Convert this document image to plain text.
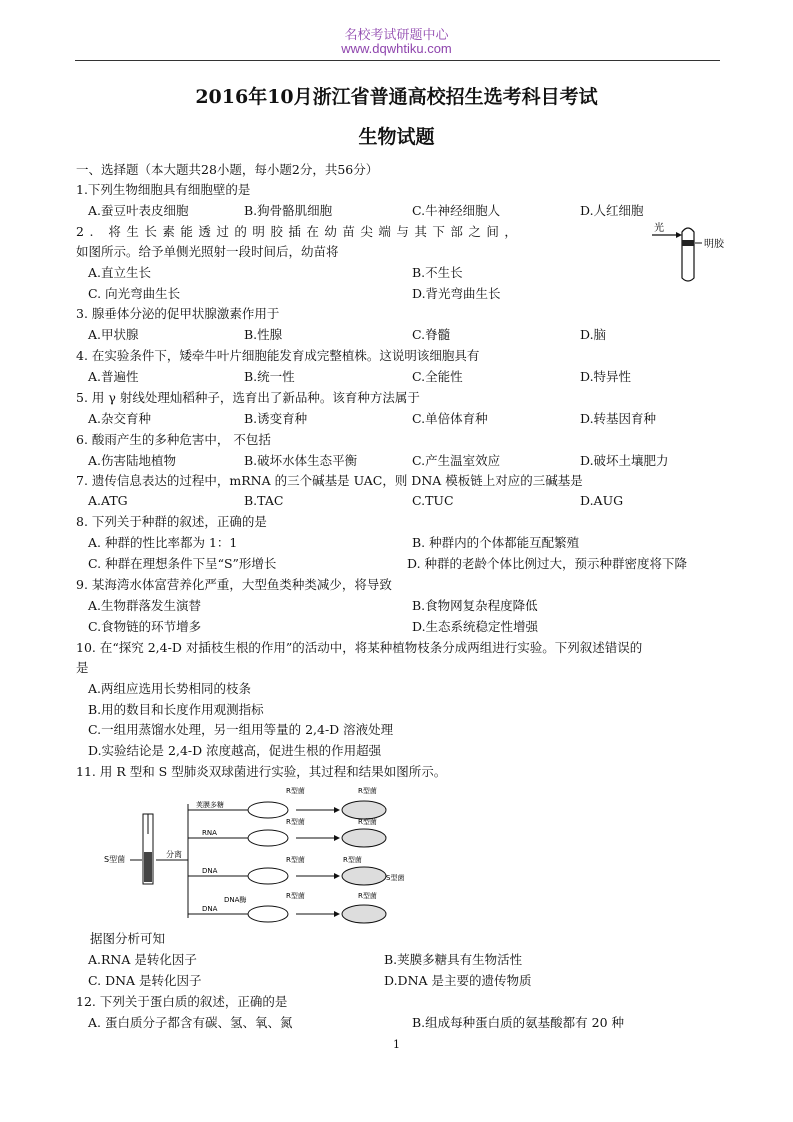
名校考试研题中心
www.dqwhtiku.com
2016年10月浙江省普通高校招生选考科目考试
生物试题
一、选择题（本大题共28小题，每小题2分，共56分）
1.下列生物细胞具有细胞壁的是
A.蚕豆叶表皮细胞	B.狗骨骼肌细胞	C.牛神经细胞人	D.人红细胞
2. 将生长素能透过的明胶插在幼苗尖端与其下部之间，
如图所示。给予单侧光照射一段时间后，幼苗将
光
明胶
A.直立生长	B.不生长
C. 向光弯曲生长	D.背光弯曲生长
3. 腺垂体分泌的促甲状腺激素作用于
A.甲状腺	B.性腺	C.脊髓	D.脑
4. 在实验条件下，矮牵牛叶片细胞能发育成完整植株。这说明该细胞具有
A.普遍性	B.统一性	C.全能性	D.特异性
5. 用 γ 射线处理灿稻种子，选育出了新品种。该育种方法属于
A.杂交育种	B.诱变育种	C.单倍体育种	D.转基因育种
6. 酸雨产生的多种危害中， 不包括
A.伤害陆地植物	B.破坏水体生态平衡	C.产生温室效应	D.破坏土壤肥力
7. 遗传信息表达的过程中，mRNA 的三个碱基是 UAC，则 DNA 模板链上对应的三碱基是
A.ATG	B.TAC	C.TUC	D.AUG
8. 下列关于种群的叙述，正确的是
A. 种群的性比率都为 1：1	B. 种群内的个体都能互配繁殖
C. 种群在理想条件下呈“S”形增长	D. 种群的老龄个体比例过大，预示种群密度将下降
9. 某海湾水体富营养化严重，大型鱼类种类减少，将导致
A.生物群落发生演替	B.食物网复杂程度降低
C.食物链的环节增多	D.生态系统稳定性增强
10. 在“探究 2,4-D 对插枝生根的作用”的活动中，将某种植物枝条分成两组进行实验。下列叙述错误的
是
A.两组应选用长势相同的枝条
B.用的数目和长度作用观测指标
C.一组用蒸馏水处理，另一组用等量的 2,4-D 溶液处理
D.实验结论是 2,4-D 浓度越高，促进生根的作用超强
11. 用 R 型和 S 型肺炎双球菌进行实验，其过程和结果如图所示。
S型菌
分离
荚膜多糖
R型菌	R型菌
RNA
R型菌	R型菌
DNA
R型菌	R型菌
S型菌
DNA酶
DNA
R型菌	R型菌
据图分析可知
A.RNA 是转化因子	B.荚膜多糖具有生物活性
C. DNA 是转化因子	D.DNA 是主要的遗传物质
12. 下列关于蛋白质的叙述，正确的是
A. 蛋白质分子都含有碳、氢、氧、氮	B.组成每种蛋白质的氨基酸都有 20 种
1
